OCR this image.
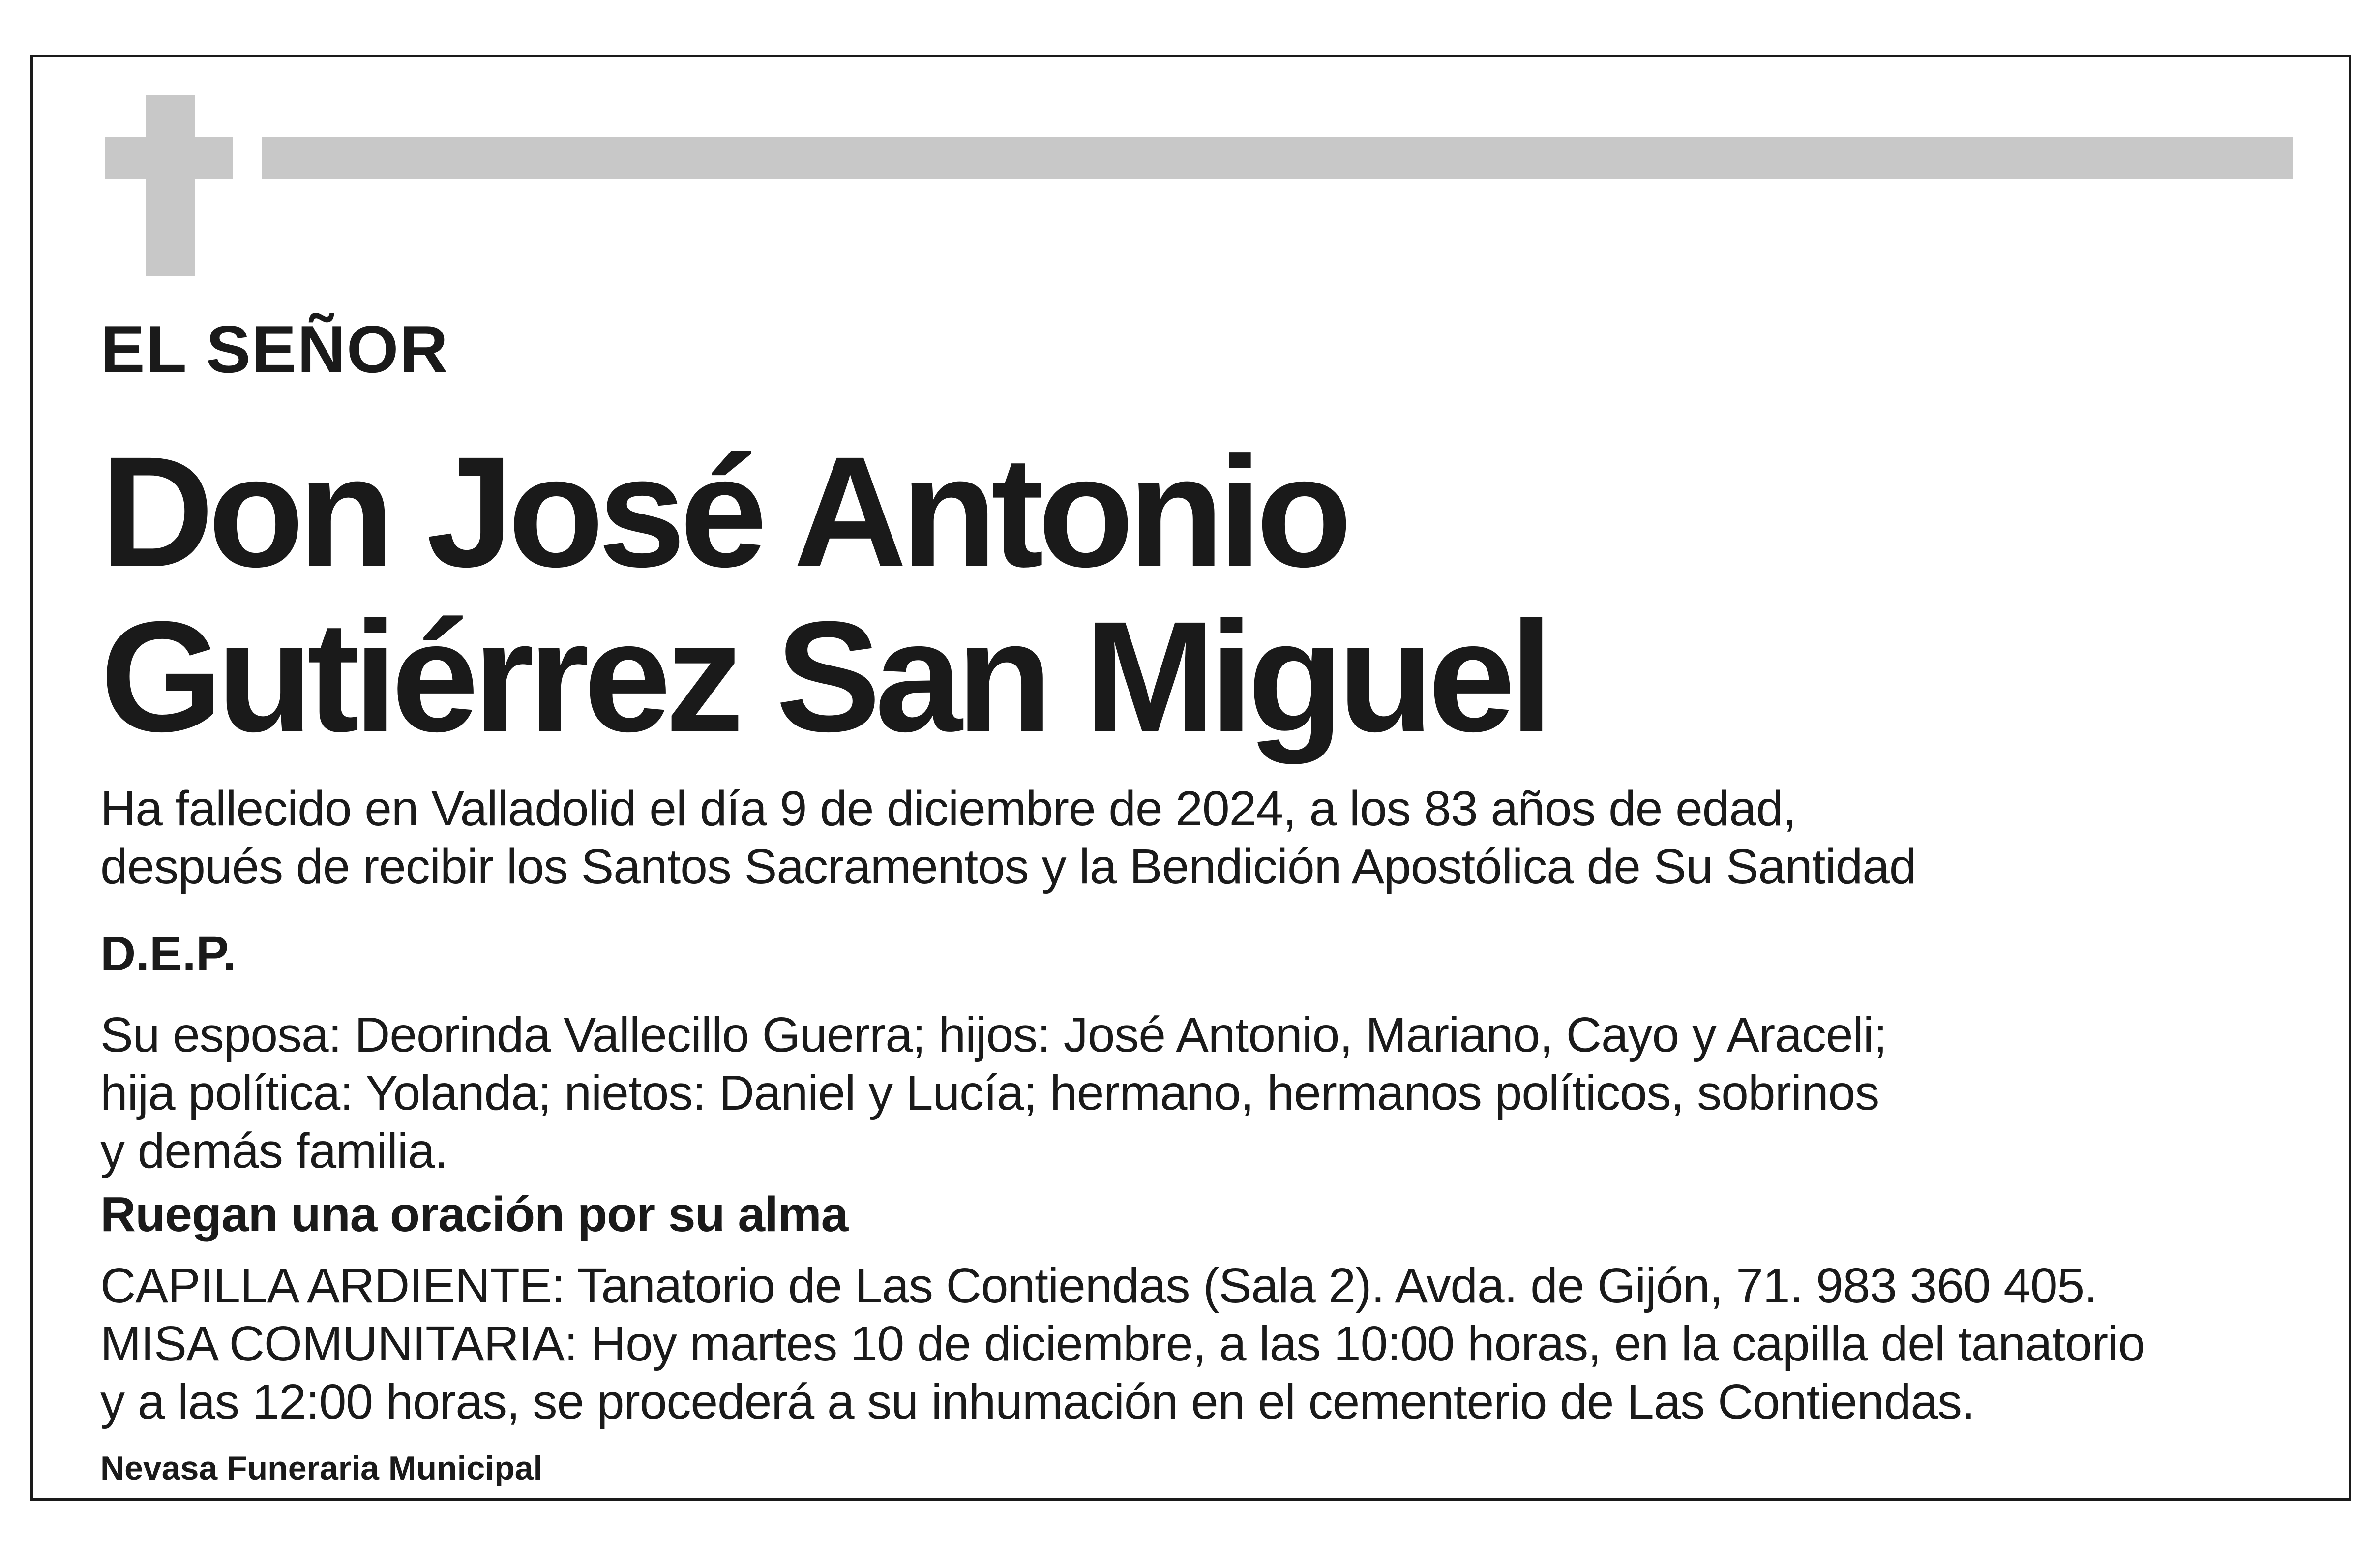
EL SEÑOR

Don José Antonio

Gutiérrez San Miguel

Ha fallecido en Valladolid el día 9 de diciembre de 2024, a los 83 años de edad,
después de recibir los Santos Sacramentos y la Bendición Apostólica de Su Santidad

D.E.P.

Su esposa: Deorinda Vallecillo Guerra; hijos: José Antonio, Mariano, Cayo y Araceli;
hija política: Yolanda; nietos: Daniel y Lucía; hermano, hermanos políticos, sobrinos
y demás familia.

Ruegan una oración por su alma

CAPILLA ARDIENTE: Tanatorio de Las Contiendas (Sala 2). Avda. de Gijón, 71. 983 360 405.
MISA COMUNITARIA: Hoy martes 10 de diciembre, a las 10:00 horas, en la capilla del tanatorio
y a las 12:00 horas, se procederá a su inhumación en el cementerio de Las Contiendas.

Nevasa Funeraria Municipal
